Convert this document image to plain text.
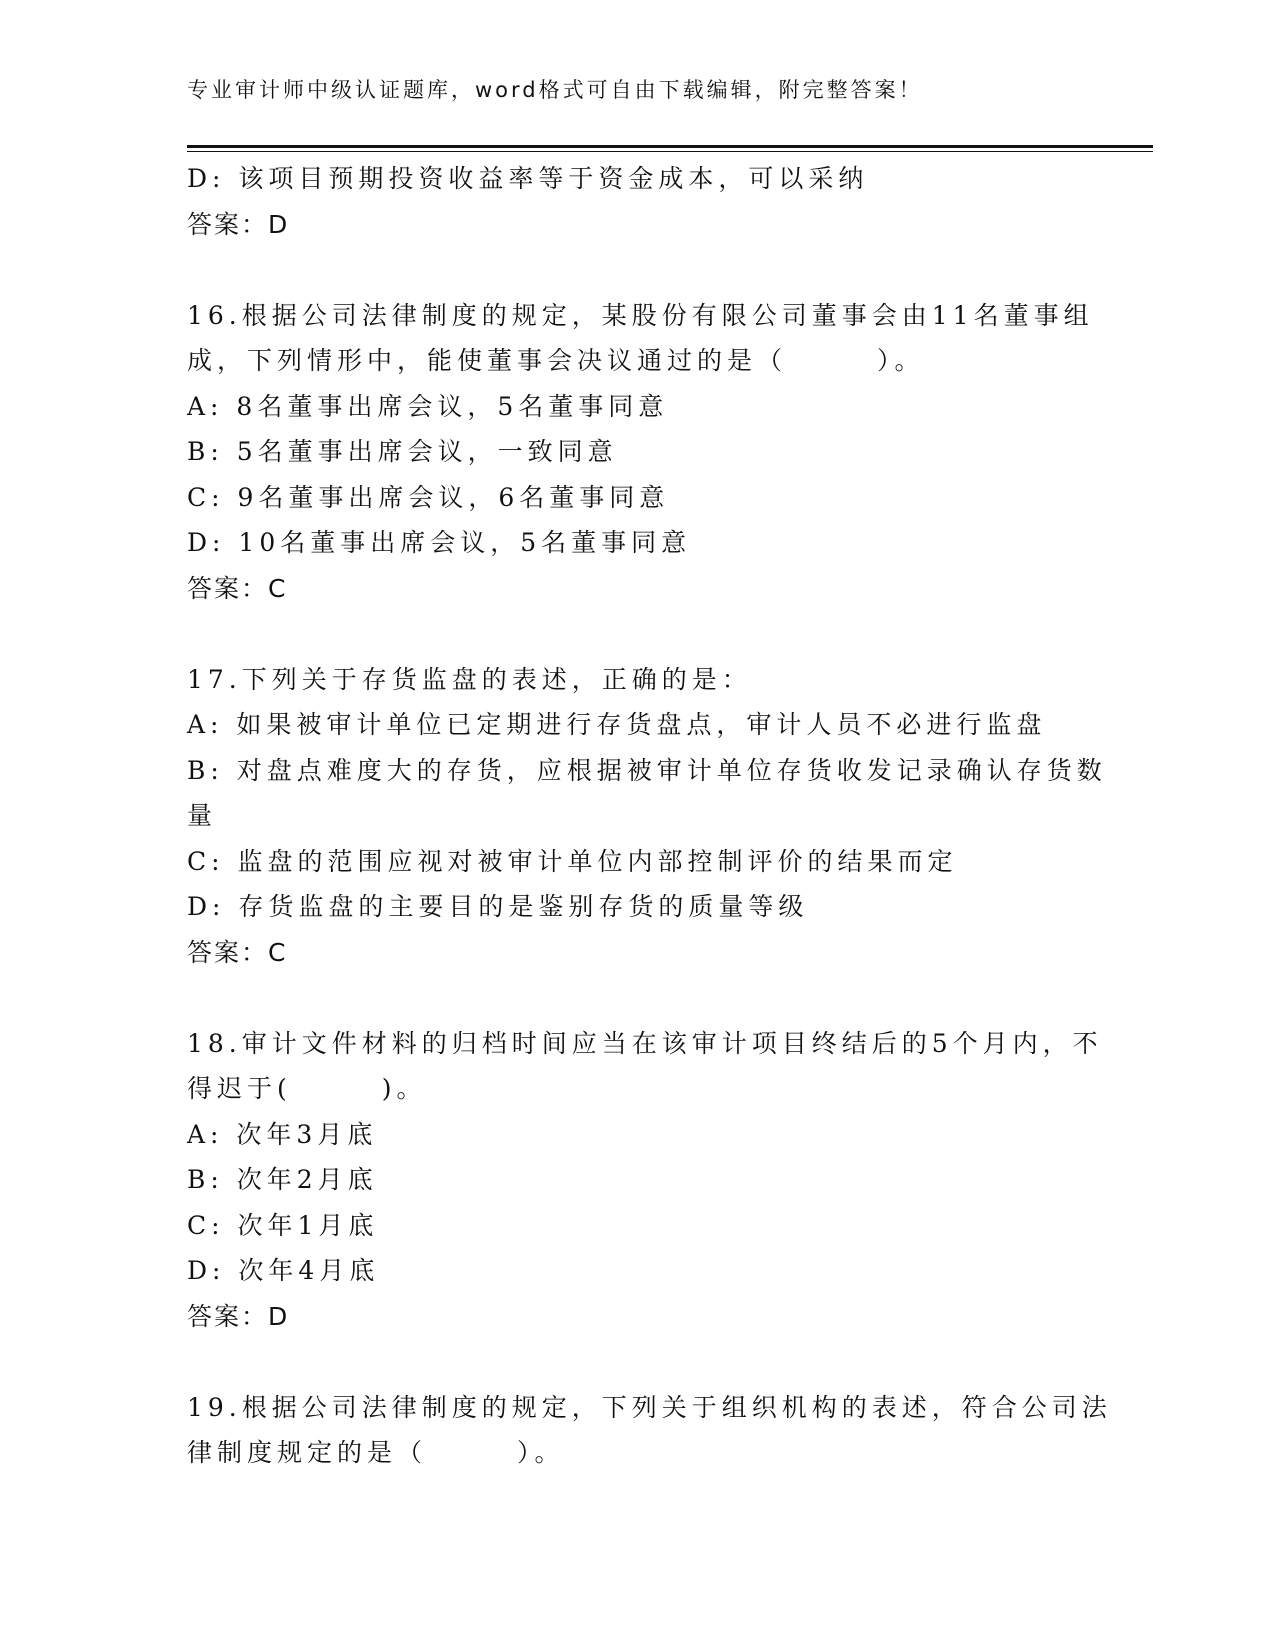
专业审计师中级认证题库，word格式可自由下载编辑，附完整答案！
D: 该项目预期投资收益率等于资金成本，可以采纳
答案：D
16.根据公司法律制度的规定，某股份有限公司董事会由11名董事组
成，下列情形中，能使董事会决议通过的是（　　　）。
A: 8名董事出席会议，5名董事同意
B: 5名董事出席会议，一致同意
C: 9名董事出席会议，6名董事同意
D: 10名董事出席会议，5名董事同意
答案：C
17.下列关于存货监盘的表述，正确的是：
A: 如果被审计单位已定期进行存货盘点，审计人员不必进行监盘
B: 对盘点难度大的存货，应根据被审计单位存货收发记录确认存货数
量
C: 监盘的范围应视对被审计单位内部控制评价的结果而定
D: 存货监盘的主要目的是鉴别存货的质量等级
答案：C
18.审计文件材料的归档时间应当在该审计项目终结后的5个月内，不
得迟于(　　　)。
A: 次年3月底
B: 次年2月底
C: 次年1月底
D: 次年4月底
答案：D
19.根据公司法律制度的规定，下列关于组织机构的表述，符合公司法
律制度规定的是（　　　）。
